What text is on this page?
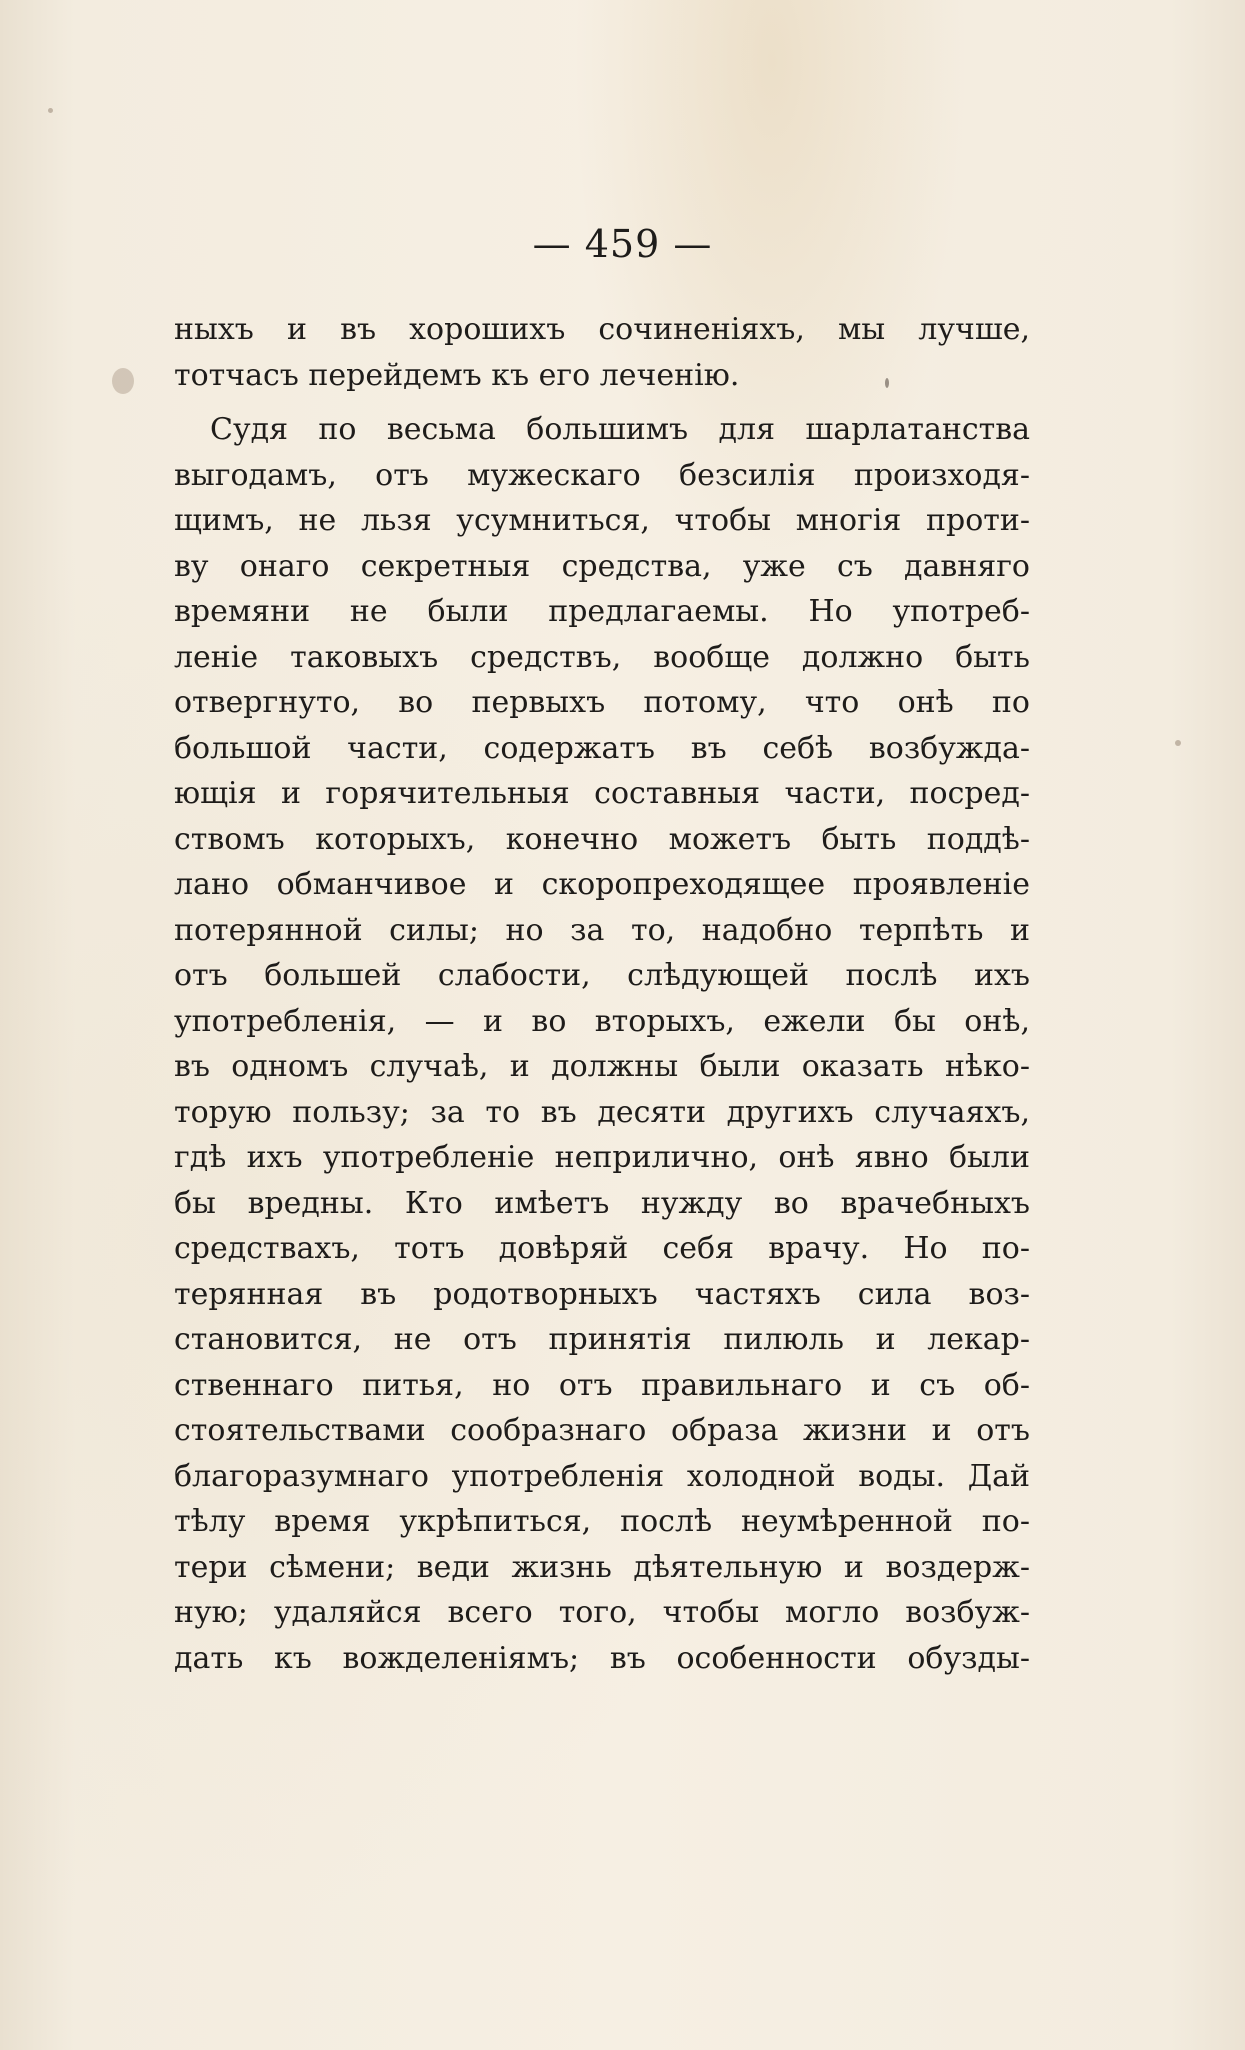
— 459 —
ныхъ и въ хорошихъ сочиненіяхъ, мы лучше,
тотчасъ перейдемъ къ его леченію.
Судя по весьма большимъ для шарлатанства
выгодамъ, отъ мужескаго безсилія произходя-
щимъ, не льзя усумниться, чтобы многія проти-
ву онаго секретныя средства, уже съ давняго
времяни не были предлагаемы. Но употреб-
леніе таковыхъ средствъ, вообще должно быть
отвергнуто, во первыхъ потому, что онѣ по
большой части, содержатъ въ себѣ возбуждa-
ющія и горячительныя составныя части, посред-
ствомъ которыхъ, конечно можетъ быть поддѣ-
лано обманчивое и скоропреходящее проявленіе
потерянной силы; но за то, надобно терпѣть и
отъ большей слабости, слѣдующей послѣ ихъ
употребленія, — и во вторыхъ, ежели бы онѣ,
въ одномъ случаѣ, и должны были оказать нѣко-
торую пользу; за то въ десяти другихъ случаяхъ,
гдѣ ихъ употребленіе неприлично, онѣ явно были
бы вредны. Кто имѣетъ нужду во врачебныхъ
средствахъ, тотъ довѣряй себя врачу. Но по-
терянная въ родотворныхъ частяхъ сила воз-
становится, не отъ принятія пилюль и лекар-
ственнаго питья, но отъ правильнаго и съ об-
стоятельствами сообразнаго образа жизни и отъ
благоразумнаго употребленія холодной воды. Дай
тѣлу время укрѣпиться, послѣ неумѣренной по-
тери сѣмени; веди жизнь дѣятельную и воздерж-
ную; удаляйся всего того, чтобы могло возбуж-
дать къ вожделеніямъ; въ особенности обузды-
